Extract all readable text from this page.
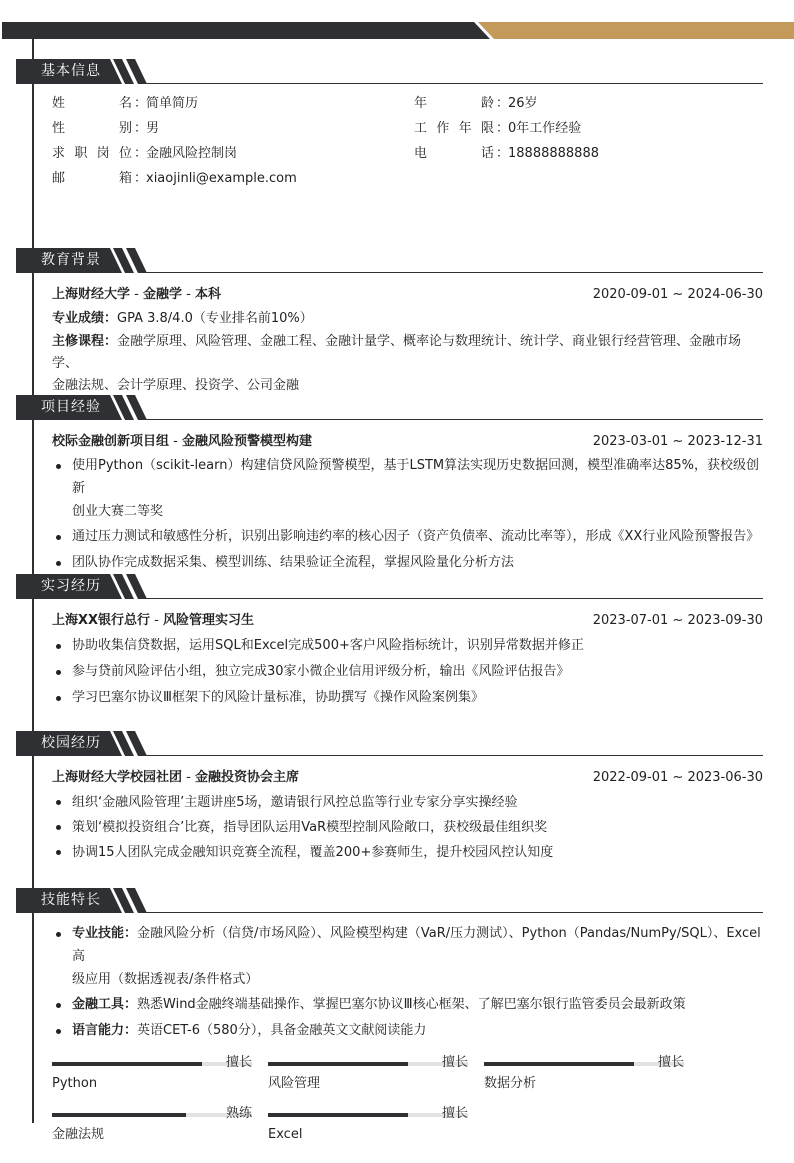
基本信息
姓名 ：简单简历
性别 ：男
求职岗位 ：金融风险控制岗
邮箱 ：xiaojinli@example.com
年龄 ：26岁
工作年限 ：0年工作经验
电话 ：18888888888
教育背景
上海财经大学 - 金融学 - 本科	2020-09-01 ~ 2024-06-30
专业成绩：GPA 3.8/4.0（专业排名前10%）
主修课程：金融学原理、风险管理、金融工程、金融计量学、概率论与数理统计、统计学、商业银行经营管理、金融市场学、
金融法规、会计学原理、投资学、公司金融
项目经验
校际金融创新项目组 - 金融风险预警模型构建	2023-03-01 ~ 2023-12-31
使用Python（scikit-learn）构建信贷风险预警模型，基于LSTM算法实现历史数据回测，模型准确率达85%，获校级创新
创业大赛二等奖
通过压力测试和敏感性分析，识别出影响违约率的核心因子（资产负债率、流动比率等），形成《XX行业风险预警报告》
团队协作完成数据采集、模型训练、结果验证全流程，掌握风险量化分析方法
实习经历
上海XX银行总行 - 风险管理实习生	2023-07-01 ~ 2023-09-30
协助收集信贷数据，运用SQL和Excel完成500+客户风险指标统计，识别异常数据并修正
参与贷前风险评估小组，独立完成30家小微企业信用评级分析，输出《风险评估报告》
学习巴塞尔协议Ⅲ框架下的风险计量标准，协助撰写《操作风险案例集》
校园经历
上海财经大学校园社团 - 金融投资协会主席	2022-09-01 ~ 2023-06-30
组织‘金融风险管理’主题讲座5场，邀请银行风控总监等行业专家分享实操经验
策划‘模拟投资组合’比赛，指导团队运用VaR模型控制风险敞口，获校级最佳组织奖
协调15人团队完成金融知识竞赛全流程，覆盖200+参赛师生，提升校园风控认知度
技能特长
专业技能：金融风险分析（信贷/市场风险）、风险模型构建（VaR/压力测试）、Python（Pandas/NumPy/SQL）、Excel高
级应用（数据透视表/条件格式）
金融工具：熟悉Wind金融终端基础操作、掌握巴塞尔协议Ⅲ核心框架、了解巴塞尔银行监管委员会最新政策
语言能力：英语CET-6（580分），具备金融英文文献阅读能力
擅长
Python
擅长
风险管理
擅长
数据分析
熟练
金融法规
擅长
Excel
